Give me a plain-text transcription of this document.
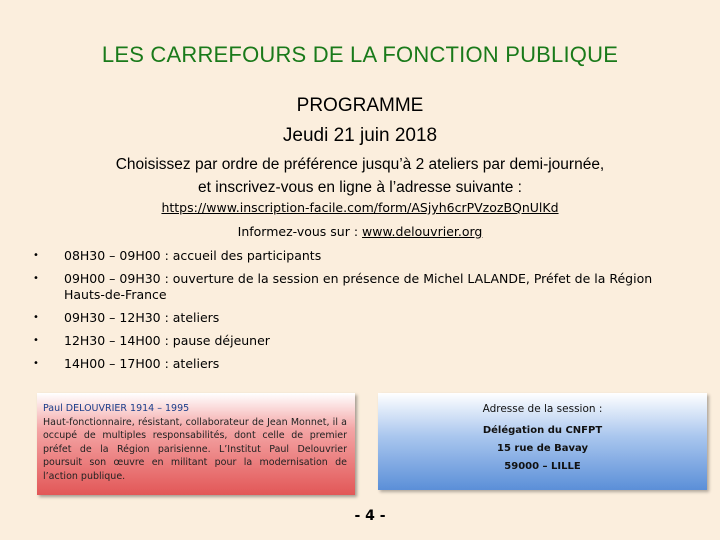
LES CARREFOURS DE LA FONCTION PUBLIQUE
PROGRAMME
Jeudi 21 juin 2018
Choisissez par ordre de préférence jusqu’à 2 ateliers par demi-journée,
et inscrivez-vous en ligne à l’adresse suivante :
https://www.inscription-facile.com/form/ASjyh6crPVzozBQnUlKd
Informez-vous sur : www.delouvrier.org
• 08H30 – 09H00 : accueil des participants
• 09H00 – 09H30 : ouverture de la session en présence de Michel LALANDE, Préfet de la Région
Hauts-de-France
• 09H30 – 12H30 : ateliers
• 12H30 – 14H00 : pause déjeuner
• 14H00 – 17H00 : ateliers
Paul DELOUVRIER 1914 – 1995
Haut-fonctionnaire, résistant, collaborateur de Jean Monnet, il a occupé de multiples responsabilités, dont celle de premier préfet de la Région parisienne. L’Institut Paul Delouvrier poursuit son œuvre en militant pour la modernisation de l’action publique.
Adresse de la session :
Délégation du CNFPT
15 rue de Bavay
59000 – LILLE
- 4 -
